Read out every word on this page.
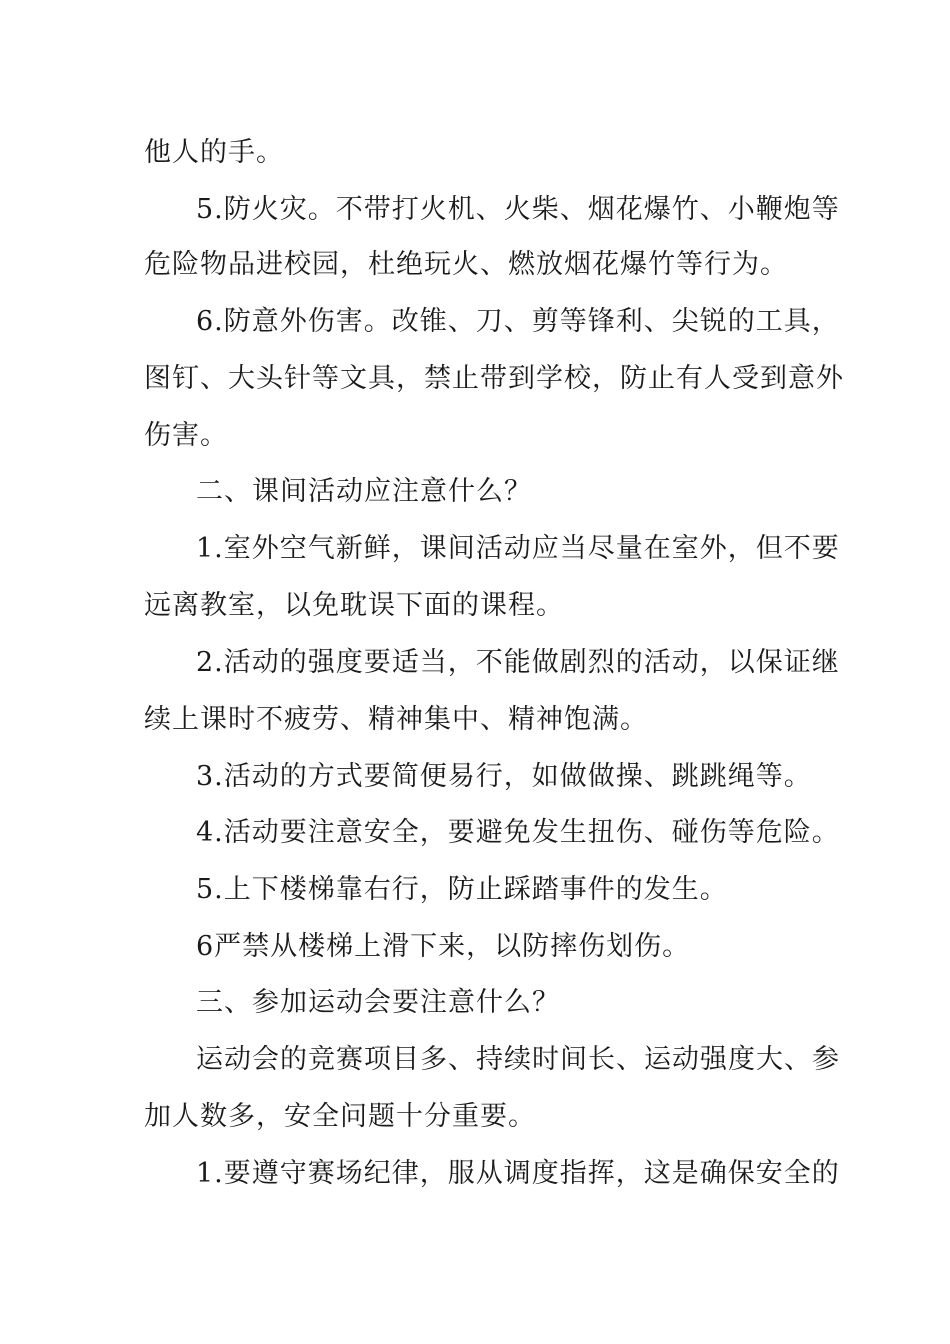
他人的手。
5.防火灾。不带打火机、火柴、烟花爆竹、小鞭炮等
危险物品进校园，杜绝玩火、燃放烟花爆竹等行为。
6.防意外伤害。改锥、刀、剪等锋利、尖锐的工具，
图钉、大头针等文具，禁止带到学校，防止有人受到意外
伤害。
二、课间活动应注意什么？
1.室外空气新鲜，课间活动应当尽量在室外，但不要
远离教室，以免耽误下面的课程。
2.活动的强度要适当，不能做剧烈的活动，以保证继
续上课时不疲劳、精神集中、精神饱满。
3.活动的方式要简便易行，如做做操、跳跳绳等。
4.活动要注意安全，要避免发生扭伤、碰伤等危险。
5.上下楼梯靠右行，防止踩踏事件的发生。
6严禁从楼梯上滑下来，以防摔伤划伤。
三、参加运动会要注意什么？
运动会的竞赛项目多、持续时间长、运动强度大、参
加人数多，安全问题十分重要。
1.要遵守赛场纪律，服从调度指挥，这是确保安全的
